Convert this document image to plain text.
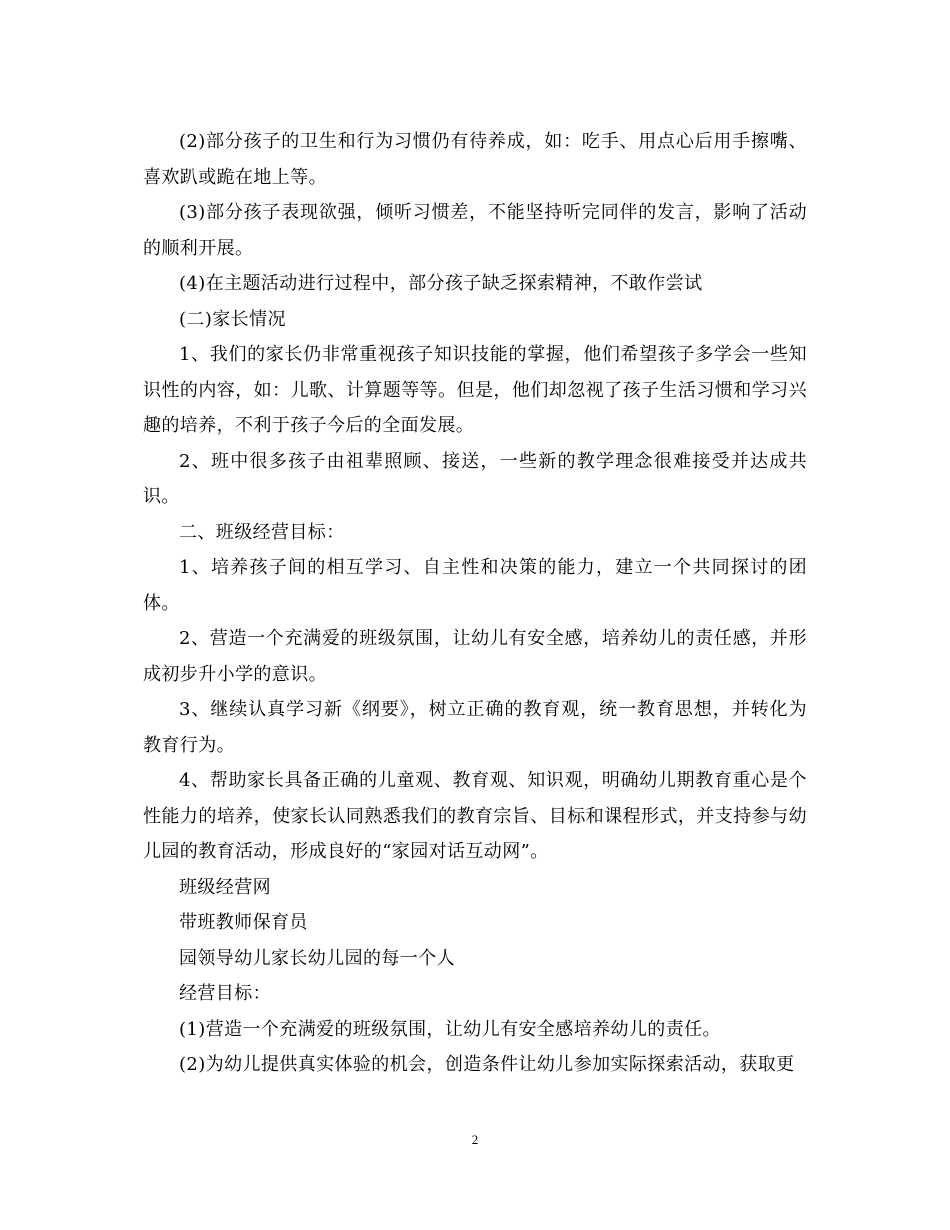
(2)部分孩子的卫生和行为习惯仍有待养成，如：吃手、用点心后用手擦嘴、喜欢趴或跪在地上等。

(3)部分孩子表现欲强，倾听习惯差，不能坚持听完同伴的发言，影响了活动的顺利开展。

(4)在主题活动进行过程中，部分孩子缺乏探索精神，不敢作尝试

(二)家长情况

1、我们的家长仍非常重视孩子知识技能的掌握，他们希望孩子多学会一些知识性的内容，如：儿歌、计算题等等。但是，他们却忽视了孩子生活习惯和学习兴趣的培养，不利于孩子今后的全面发展。

2、班中很多孩子由祖辈照顾、接送，一些新的教学理念很难接受并达成共识。

二、班级经营目标：

1、培养孩子间的相互学习、自主性和决策的能力，建立一个共同探讨的团体。

2、营造一个充满爱的班级氛围，让幼儿有安全感，培养幼儿的责任感，并形成初步升小学的意识。

3、继续认真学习新《纲要》，树立正确的教育观，统一教育思想，并转化为教育行为。

4、帮助家长具备正确的儿童观、教育观、知识观，明确幼儿期教育重心是个性能力的培养，使家长认同熟悉我们的教育宗旨、目标和课程形式，并支持参与幼儿园的教育活动，形成良好的“家园对话互动网”。

班级经营网

带班教师保育员

园领导幼儿家长幼儿园的每一个人

经营目标：

(1)营造一个充满爱的班级氛围，让幼儿有安全感培养幼儿的责任。

(2)为幼儿提供真实体验的机会，创造条件让幼儿参加实际探索活动，获取更

2
